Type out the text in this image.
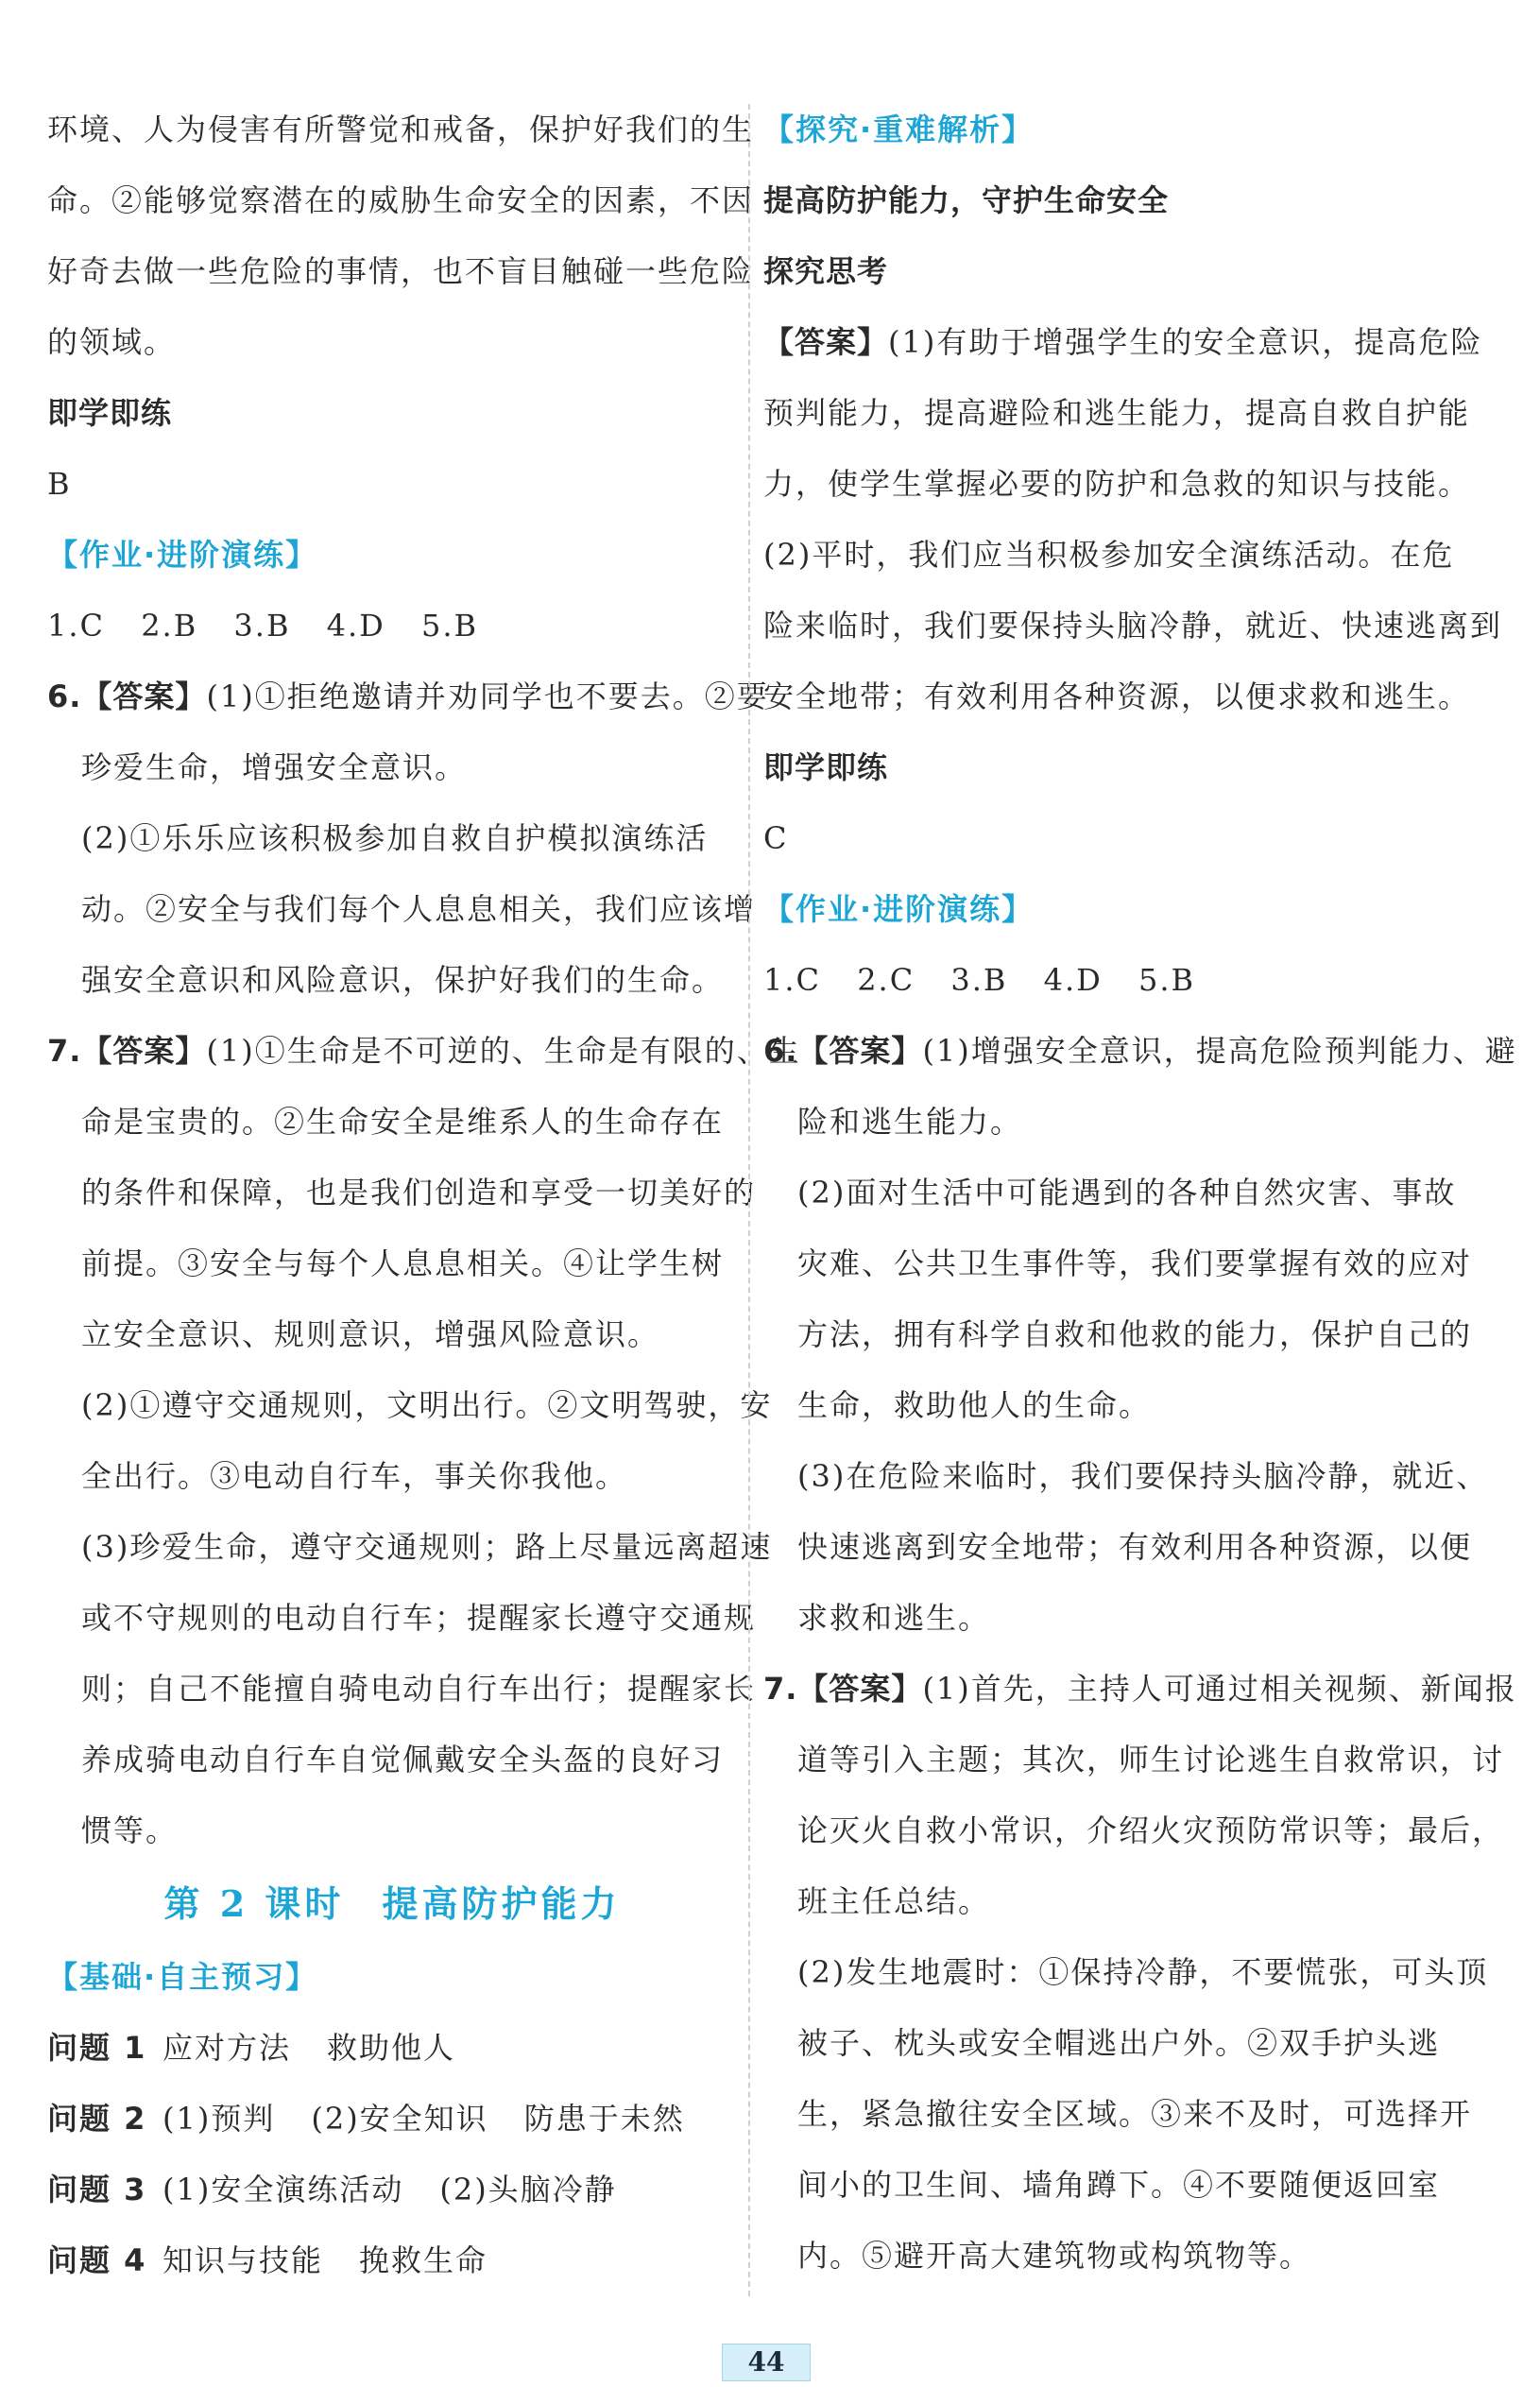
环境、人为侵害有所警觉和戒备，保护好我们的生
命。②能够觉察潜在的威胁生命安全的因素，不因
好奇去做一些危险的事情，也不盲目触碰一些危险
的领域。
即学即练
B
【作业·进阶演练】
1.C 2.B 3.B 4.D 5.B
6.【答案】(1)①拒绝邀请并劝同学也不要去。②要
珍爱生命，增强安全意识。
(2)①乐乐应该积极参加自救自护模拟演练活
动。②安全与我们每个人息息相关，我们应该增
强安全意识和风险意识，保护好我们的生命。
7.【答案】(1)①生命是不可逆的、生命是有限的、生
命是宝贵的。②生命安全是维系人的生命存在
的条件和保障，也是我们创造和享受一切美好的
前提。③安全与每个人息息相关。④让学生树
立安全意识、规则意识，增强风险意识。
(2)①遵守交通规则，文明出行。②文明驾驶，安
全出行。③电动自行车，事关你我他。
(3)珍爱生命，遵守交通规则；路上尽量远离超速
或不守规则的电动自行车；提醒家长遵守交通规
则；自己不能擅自骑电动自行车出行；提醒家长
养成骑电动自行车自觉佩戴安全头盔的良好习
惯等。
第 2 课时 提高防护能力
【基础·自主预习】
问题 1 应对方法 救助他人
问题 2 (1)预判 (2)安全知识 防患于未然
问题 3 (1)安全演练活动 (2)头脑冷静
问题 4 知识与技能 挽救生命
【探究·重难解析】
提高防护能力，守护生命安全
探究思考
【答案】(1)有助于增强学生的安全意识，提高危险
预判能力，提高避险和逃生能力，提高自救自护能
力，使学生掌握必要的防护和急救的知识与技能。
(2)平时，我们应当积极参加安全演练活动。在危
险来临时，我们要保持头脑冷静，就近、快速逃离到
安全地带；有效利用各种资源，以便求救和逃生。
即学即练
C
【作业·进阶演练】
1.C 2.C 3.B 4.D 5.B
6.【答案】(1)增强安全意识，提高危险预判能力、避
险和逃生能力。
(2)面对生活中可能遇到的各种自然灾害、事故
灾难、公共卫生事件等，我们要掌握有效的应对
方法，拥有科学自救和他救的能力，保护自己的
生命，救助他人的生命。
(3)在危险来临时，我们要保持头脑冷静，就近、
快速逃离到安全地带；有效利用各种资源，以便
求救和逃生。
7.【答案】(1)首先，主持人可通过相关视频、新闻报
道等引入主题；其次，师生讨论逃生自救常识，讨
论灭火自救小常识，介绍火灾预防常识等；最后，
班主任总结。
(2)发生地震时：①保持冷静，不要慌张，可头顶
被子、枕头或安全帽逃出户外。②双手护头逃
生，紧急撤往安全区域。③来不及时，可选择开
间小的卫生间、墙角蹲下。④不要随便返回室
内。⑤避开高大建筑物或构筑物等。
44
